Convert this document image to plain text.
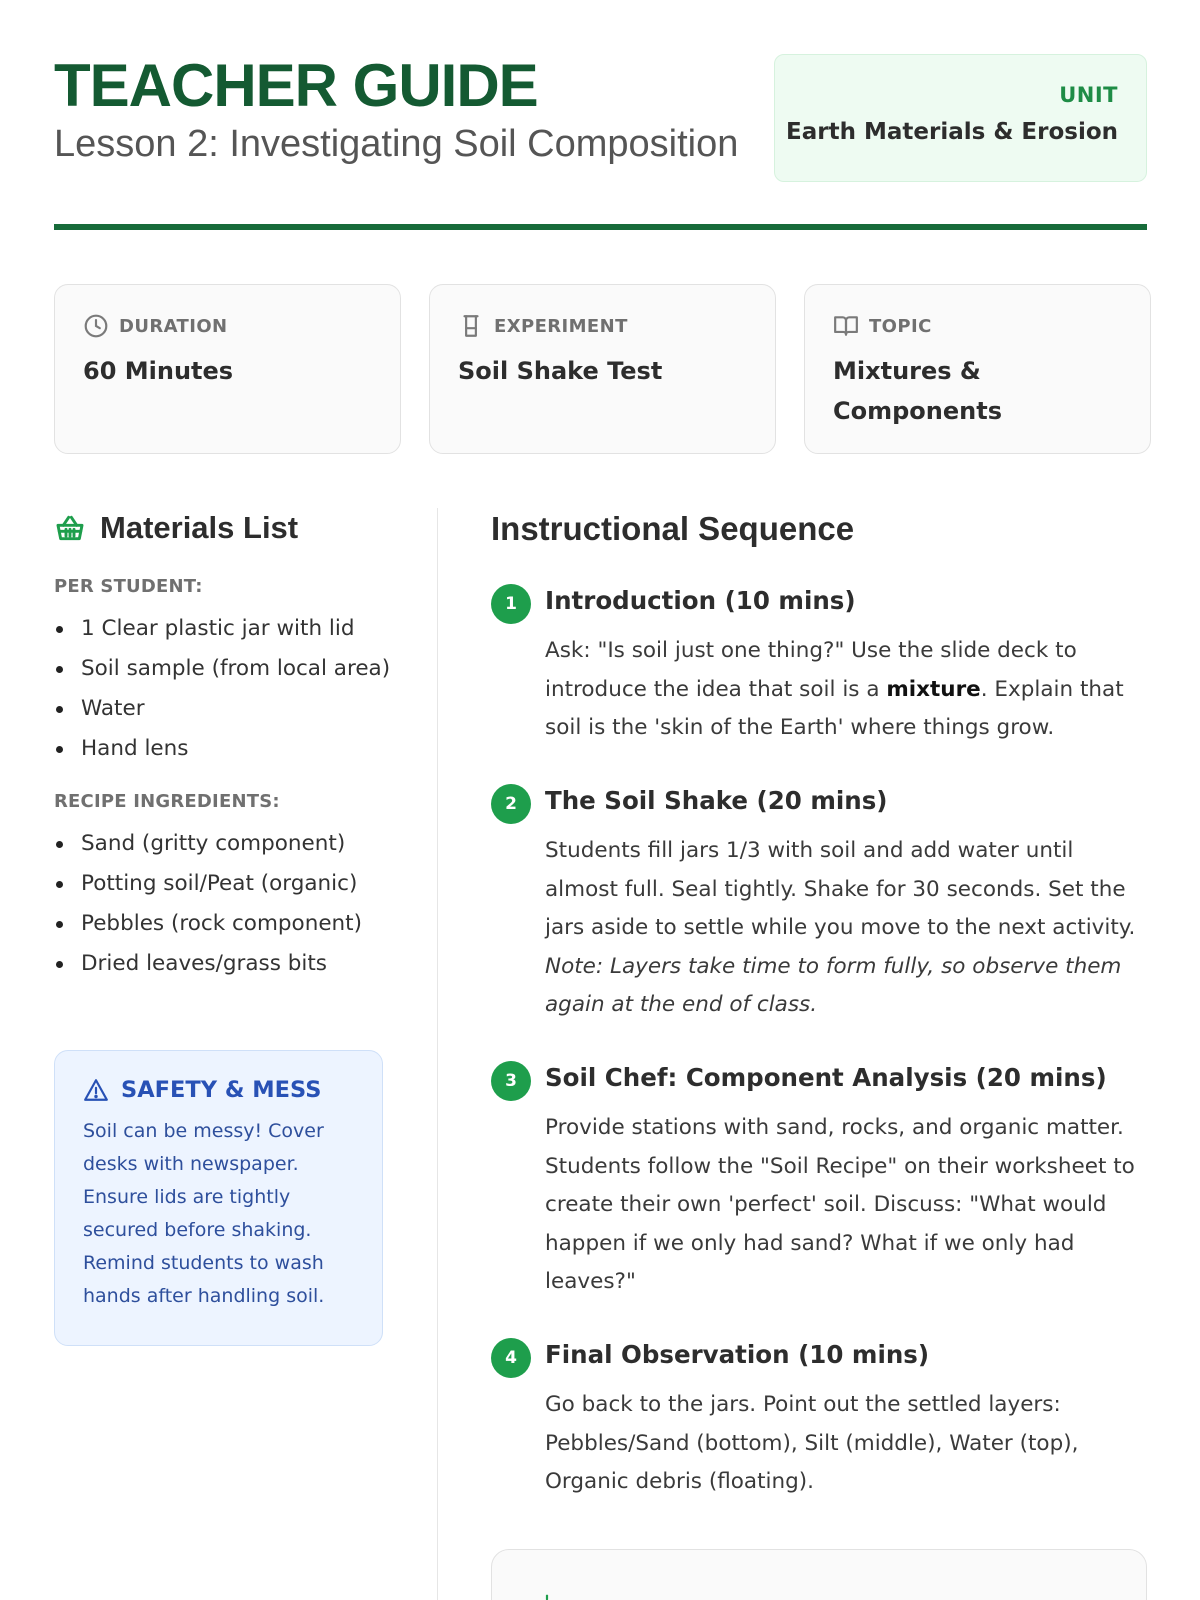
TEACHER GUIDE
Lesson 2: Investigating Soil Composition
UNIT
Earth Materials & Erosion
DURATION
60 Minutes
EXPERIMENT
Soil Shake Test
TOPIC
Mixtures & Components
Materials List
PER STUDENT:
1 Clear plastic jar with lid
Soil sample (from local area)
Water
Hand lens
RECIPE INGREDIENTS:
Sand (gritty component)
Potting soil/Peat (organic)
Pebbles (rock component)
Dried leaves/grass bits
SAFETY & MESS
Soil can be messy! Cover desks with newspaper. Ensure lids are tightly secured before shaking. Remind students to wash hands after handling soil.
Instructional Sequence
1	Introduction (10 mins)
Ask: "Is soil just one thing?" Use the slide deck to introduce the idea that soil is a mixture. Explain that soil is the 'skin of the Earth' where things grow.
2	The Soil Shake (20 mins)
Students fill jars 1/3 with soil and add water until almost full. Seal tightly. Shake for 30 seconds. Set the jars aside to settle while you move to the next activity. Note: Layers take time to form fully, so observe them again at the end of class.
3	Soil Chef: Component Analysis (20 mins)
Provide stations with sand, rocks, and organic matter. Students follow the "Soil Recipe" on their worksheet to create their own 'perfect' soil. Discuss: "What would happen if we only had sand? What if we only had leaves?"
4	Final Observation (10 mins)
Go back to the jars. Point out the settled layers: Pebbles/Sand (bottom), Silt (middle), Water (top), Organic debris (floating).
